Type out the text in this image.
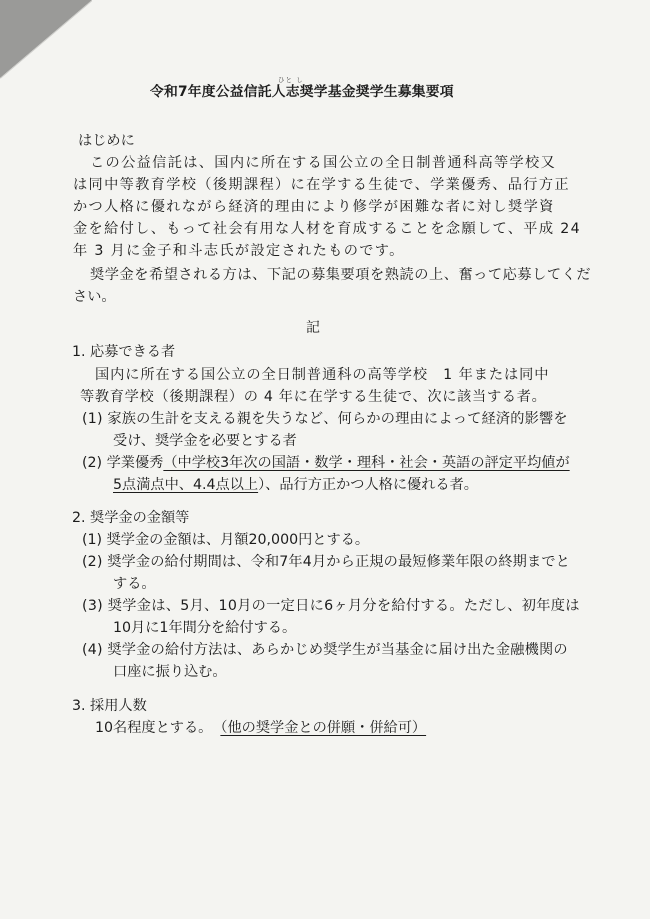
ひと し
令和7年度公益信託人志奨学基金奨学生募集要項
はじめに
この公益信託は、国内に所在する国公立の全日制普通科高等学校又
は同中等教育学校（後期課程）に在学する生徒で、学業優秀、品行方正
かつ人格に優れながら経済的理由により修学が困難な者に対し奨学資
金を給付し、もって社会有用な人材を育成することを念願して、平成 24
年 3 月に金子和斗志氏が設定されたものです。
奨学金を希望される方は、下記の募集要項を熟読の上、奮って応募してくだ
さい。
記
1. 応募できる者
国内に所在する国公立の全日制普通科の高等学校　1 年または同中
等教育学校（後期課程）の 4 年に在学する生徒で、次に該当する者。
(1) 家族の生計を支える親を失うなど、何らかの理由によって経済的影響を
受け、奨学金を必要とする者
(2) 学業優秀（中学校3年次の国語・数学・理科・社会・英語の評定平均値が
5点満点中、4.4点以上）、品行方正かつ人格に優れる者。
2. 奨学金の金額等
(1) 奨学金の金額は、月額20,000円とする。
(2) 奨学金の給付期間は、令和7年4月から正規の最短修業年限の終期までと
する。
(3) 奨学金は、5月、10月の一定日に6ヶ月分を給付する。ただし、初年度は
10月に1年間分を給付する。
(4) 奨学金の給付方法は、あらかじめ奨学生が当基金に届け出た金融機関の
口座に振り込む。
3. 採用人数
10名程度とする。 （他の奨学金との併願・併給可）
